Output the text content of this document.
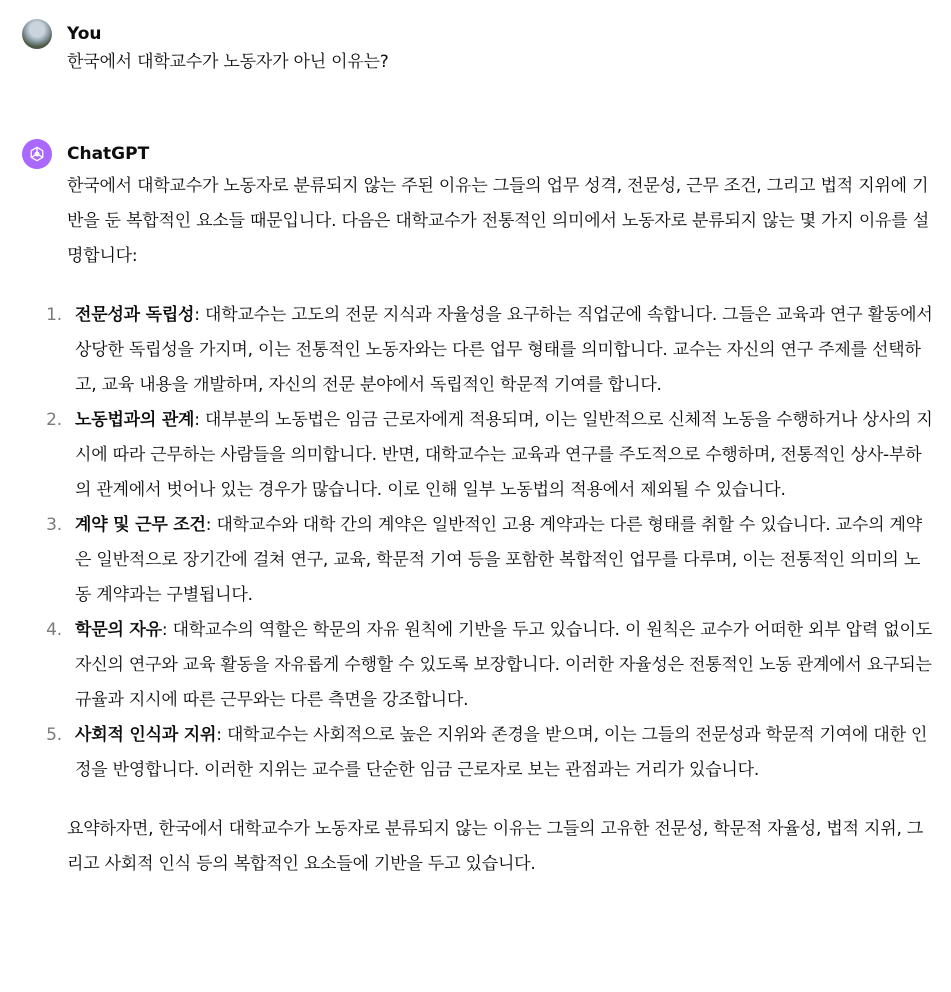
You
한국에서 대학교수가 노동자가 아닌 이유는?
ChatGPT

한국에서 대학교수가 노동자로 분류되지 않는 주된 이유는 그들의 업무 성격, 전문성, 근무 조건, 그리고 법적 지위에 기반을 둔 복합적인 요소들 때문입니다. 다음은 대학교수가 전통적인 의미에서 노동자로 분류되지 않는 몇 가지 이유를 설명합니다:

1. 전문성과 독립성: 대학교수는 고도의 전문 지식과 자율성을 요구하는 직업군에 속합니다. 그들은 교육과 연구 활동에서 상당한 독립성을 가지며, 이는 전통적인 노동자와는 다른 업무 형태를 의미합니다. 교수는 자신의 연구 주제를 선택하고, 교육 내용을 개발하며, 자신의 전문 분야에서 독립적인 학문적 기여를 합니다.
2. 노동법과의 관계: 대부분의 노동법은 임금 근로자에게 적용되며, 이는 일반적으로 신체적 노동을 수행하거나 상사의 지시에 따라 근무하는 사람들을 의미합니다. 반면, 대학교수는 교육과 연구를 주도적으로 수행하며, 전통적인 상사-부하의 관계에서 벗어나 있는 경우가 많습니다. 이로 인해 일부 노동법의 적용에서 제외될 수 있습니다.
3. 계약 및 근무 조건: 대학교수와 대학 간의 계약은 일반적인 고용 계약과는 다른 형태를 취할 수 있습니다. 교수의 계약은 일반적으로 장기간에 걸쳐 연구, 교육, 학문적 기여 등을 포함한 복합적인 업무를 다루며, 이는 전통적인 의미의 노동 계약과는 구별됩니다.
4. 학문의 자유: 대학교수의 역할은 학문의 자유 원칙에 기반을 두고 있습니다. 이 원칙은 교수가 어떠한 외부 압력 없이도 자신의 연구와 교육 활동을 자유롭게 수행할 수 있도록 보장합니다. 이러한 자율성은 전통적인 노동 관계에서 요구되는 규율과 지시에 따른 근무와는 다른 측면을 강조합니다.
5. 사회적 인식과 지위: 대학교수는 사회적으로 높은 지위와 존경을 받으며, 이는 그들의 전문성과 학문적 기여에 대한 인정을 반영합니다. 이러한 지위는 교수를 단순한 임금 근로자로 보는 관점과는 거리가 있습니다.

요약하자면, 한국에서 대학교수가 노동자로 분류되지 않는 이유는 그들의 고유한 전문성, 학문적 자율성, 법적 지위, 그리고 사회적 인식 등의 복합적인 요소들에 기반을 두고 있습니다.
